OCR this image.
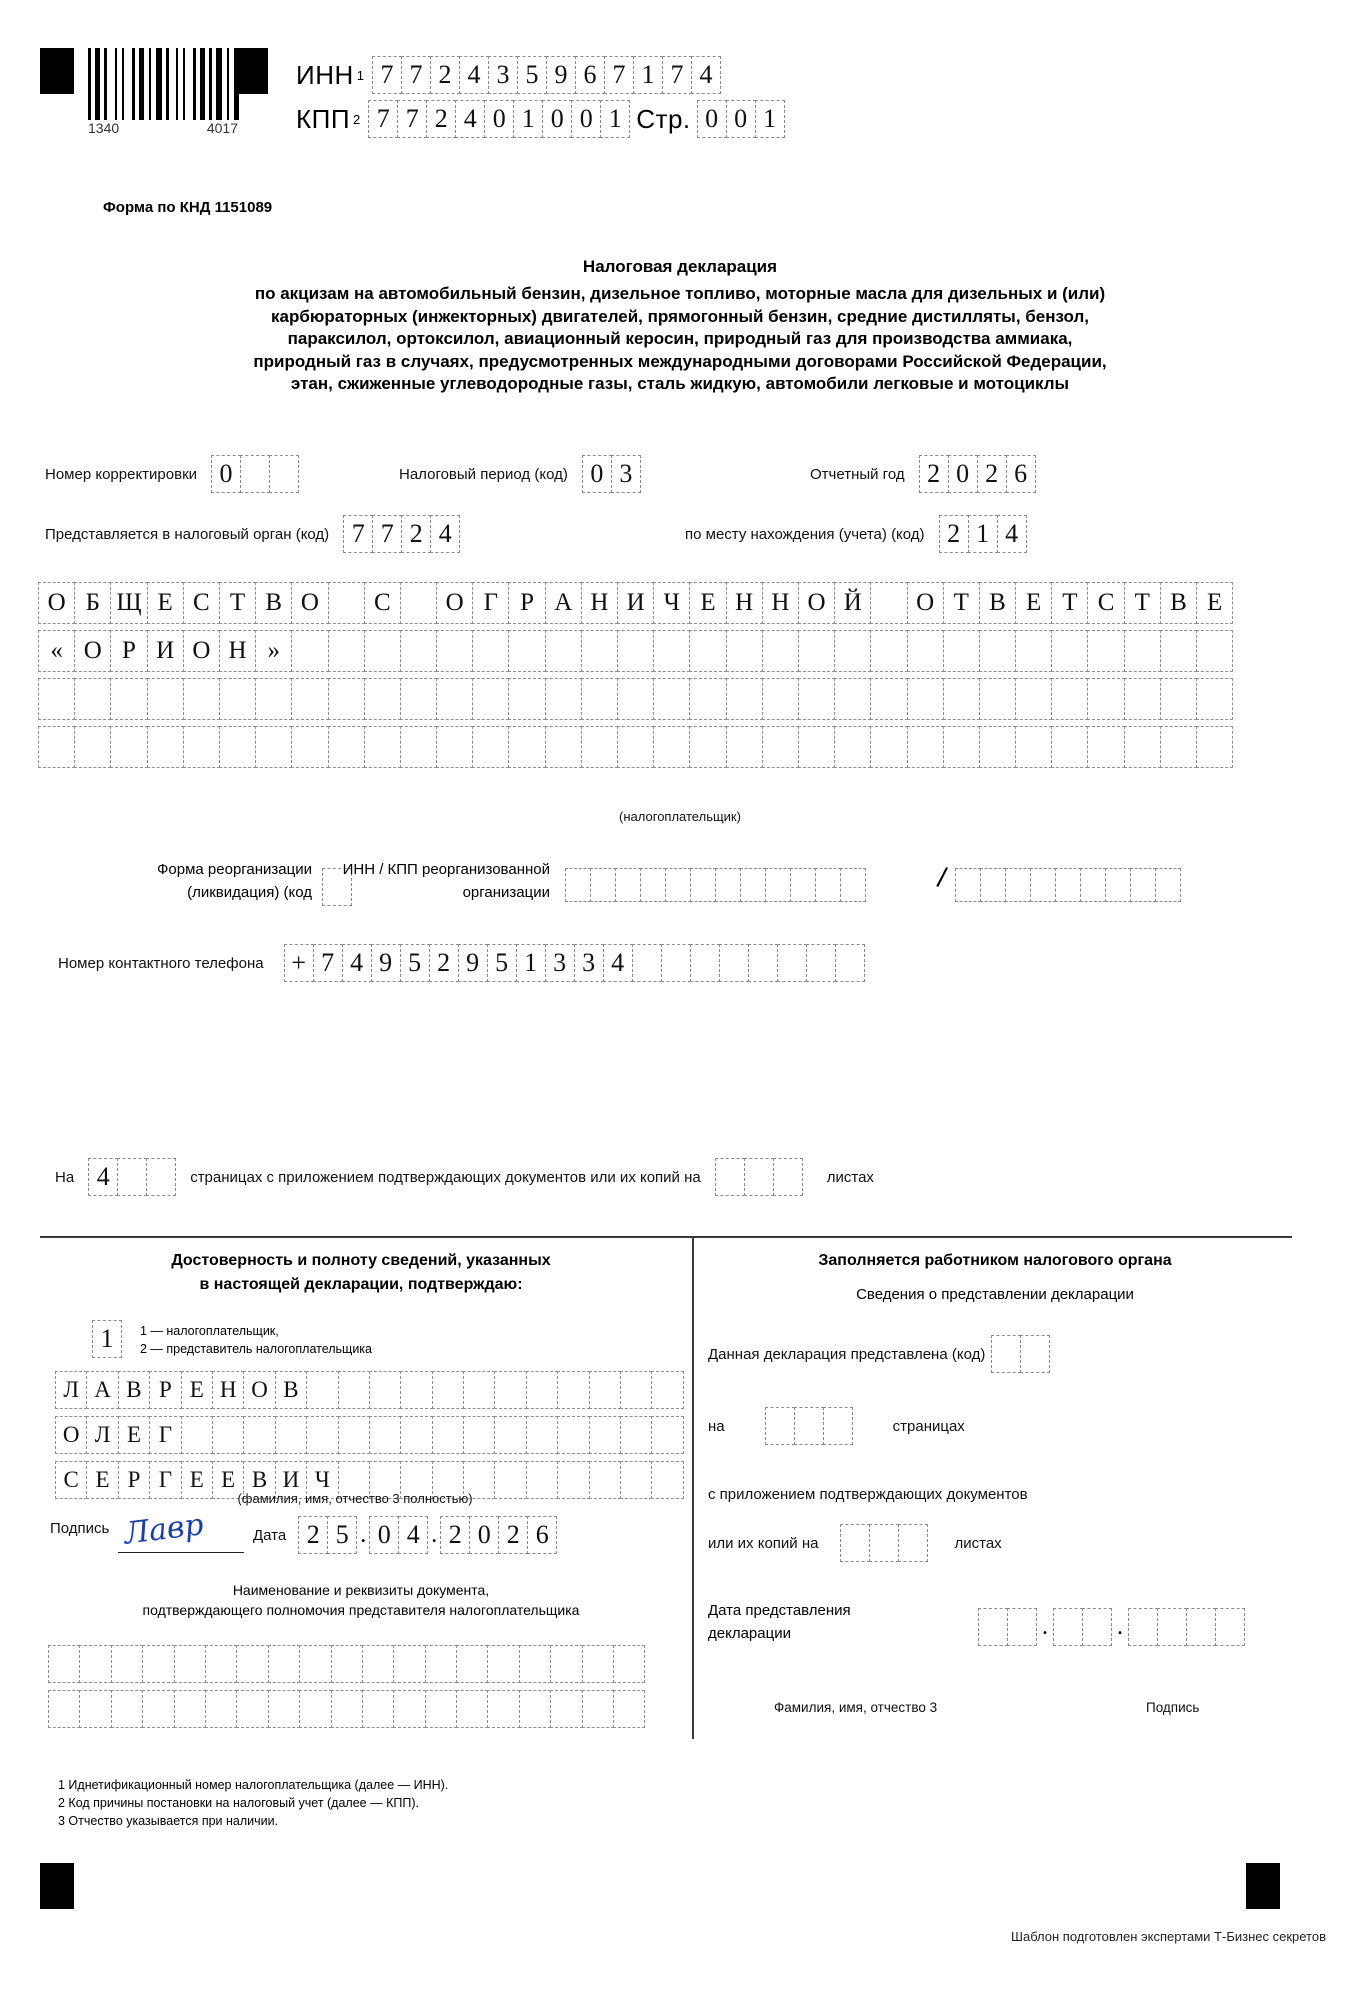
1340	4017
ИНН 1 7 7 2 4 3 5 9 6 7 1 7 4
КПП 2 7 7 2 4 0 1 0 0 1 Стр. 0 0 1
Форма по КНД 1151089
Налоговая декларация
по акцизам на автомобильный бензин, дизельное топливо, моторные масла для дизельных и (или)
карбюраторных (инжекторных) двигателей, прямогонный бензин, средние дистилляты, бензол,
параксилол, ортоксилол, авиационный керосин, природный газ для производства аммиака,
природный газ в случаях, предусмотренных международными договорами Российской Федерации,
этан, сжиженные углеводородные газы, сталь жидкую, автомобили легковые и мотоциклы
Номер корректировки 0	Налоговый период (код) 0 3	Отчетный год 2 0 2 6
Представляется в налоговый орган (код) 7 7 2 4	по месту нахождения (учета) (код) 2 1 4
О Б Щ Е С Т В О	С	О Г Р А Н И Ч Е Н Н О Й	О Т В Е Т С Т В Е
« О Р И О Н »
(налогоплательщик)
Форма реорганизации
(ликвидация) (код
ИНН / КПП реорганизованной
организации	/
Номер контактного телефона + 7 4 9 5 2 9 5 1 3 3 4
На 4	страницах с приложением подтверждающих документов или их копий на	листах
Достоверность и полноту сведений, указанных
в настоящей декларации, подтверждаю:
1	1 — налогоплательщик,
2 — представитель налогоплательщика
Л А В Р Е Н О В
О Л Е Г
С Е Р Г Е Е В И Ч
(фамилия, имя, отчество 3 полностью)
Подпись Лавр	Дата 2 5 . 0 4 . 2 0 2 6
Наименование и реквизиты документа,
подтверждающего полномочия представителя налогоплательщика
Заполняется работником налогового органа
Сведения о представлении декларации
Данная декларация представлена (код)
на	страницах
с приложением подтверждающих документов
или их копий на	листах
Дата представления
декларации	.	.
Фамилия, имя, отчество 3	Подпись
1 Иднетификационный номер налогоплательщика (далее — ИНН).
2 Код причины постановки на налоговый учет (далее — КПП).
3 Отчество указывается при наличии.
Шаблон подготовлен экспертами Т-Бизнес секретов
